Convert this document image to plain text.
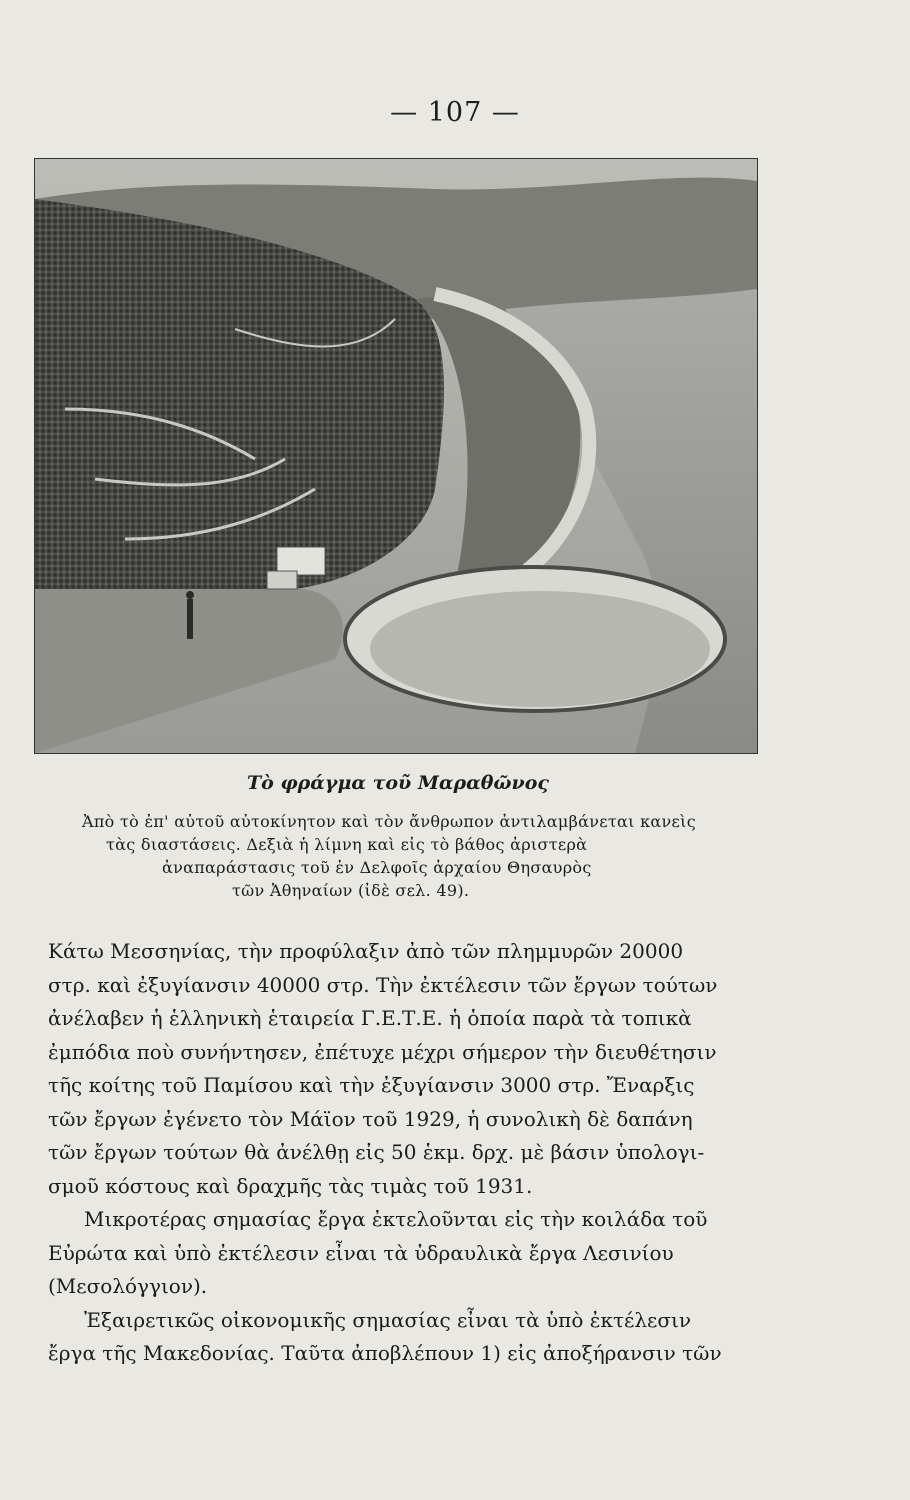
— 107 —
Τὸ φράγμα τοῦ Μαραθῶνος
Ἀπὸ τὸ ἐπ' αὐτοῦ αὐτοκίνητον καὶ τὸν ἄνθρωπον ἀντιλαμβάνεται κανεὶς
τὰς διαστάσεις. Δεξιὰ ἡ λίμνη καὶ εἰς τὸ βάθος ἀριστερὰ
ἀναπαράστασις τοῦ ἐν Δελφοῖς ἀρχαίου Θησαυρὸς
τῶν Ἀθηναίων (ἰδὲ σελ. 49).

Κάτω Μεσσηνίας, τὴν προφύλαξιν ἀπὸ τῶν πλημμυρῶν 20000
στρ. καὶ ἐξυγίανσιν 40000 στρ. Τὴν ἐκτέλεσιν τῶν ἔργων τούτων
ἀνέλαβεν ἡ ἑλληνικὴ ἑταιρεία Γ.Ε.Τ.Ε. ἡ ὁποία παρὰ τὰ τοπικὰ
ἐμπόδια ποὺ συνήντησεν, ἐπέτυχε μέχρι σήμερον τὴν διευθέτησιν
τῆς κοίτης τοῦ Παμίσου καὶ τὴν ἐξυγίανσιν 3000 στρ. Ἔναρξις
τῶν ἔργων ἐγένετο τὸν Μάϊον τοῦ 1929, ἡ συνολικὴ δὲ δαπάνη
τῶν ἔργων τούτων θὰ ἀνέλθῃ εἰς 50 ἑκμ. δρχ. μὲ βάσιν ὑπολογι-
σμοῦ κόστους καὶ δραχμῆς τὰς τιμὰς τοῦ 1931.

Μικροτέρας σημασίας ἔργα ἐκτελοῦνται εἰς τὴν κοιλάδα τοῦ
Εὐρώτα καὶ ὑπὸ ἐκτέλεσιν εἶναι τὰ ὑδραυλικὰ ἔργα Λεσινίου
(Μεσολόγγιον).

Ἐξαιρετικῶς οἰκονομικῆς σημασίας εἶναι τὰ ὑπὸ ἐκτέλεσιν
ἔργα τῆς Μακεδονίας. Ταῦτα ἀποβλέπουν 1) εἰς ἀποξήρανσιν τῶν
